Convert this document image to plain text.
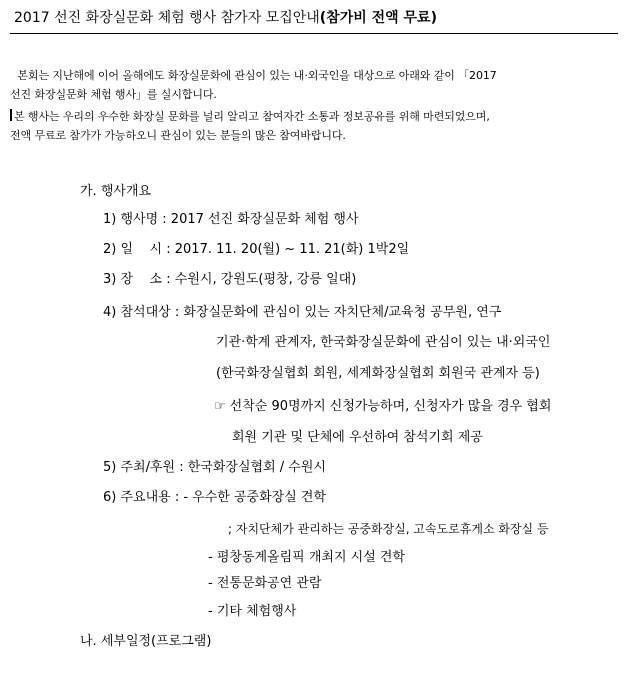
2017 선진 화장실문화 체험 행사 참가자 모집안내(참가비 전액 무료)
본회는 지난해에 이어 올해에도 화장실문화에 관심이 있는 내·외국인을 대상으로 아래와 같이 「2017
선진 화장실문화 체험 행사」를 실시합니다.
본 행사는 우리의 우수한 화장실 문화를 널리 알리고 참여자간 소통과 정보공유를 위해 마련되었으며,
전액 무료로 참가가 가능하오니 관심이 있는 분들의 많은 참여바랍니다.
가. 행사개요
1) 행사명 : 2017 선진 화장실문화 체험 행사
2) 일    시 : 2017. 11. 20(월) ~ 11. 21(화) 1박2일
3) 장    소 : 수원시, 강원도(평창, 강릉 일대)
4) 참석대상 : 화장실문화에 관심이 있는 자치단체/교육청 공무원, 연구
기관·학계 관계자, 한국화장실문화에 관심이 있는 내·외국인
(한국화장실협회 회원, 세계화장실협회 회원국 관계자 등)
☞ 선착순 90명까지 신청가능하며, 신청자가 많을 경우 협회
회원 기관 및 단체에 우선하여 참석기회 제공
5) 주최/후원 : 한국화장실협회 / 수원시
6) 주요내용 : - 우수한 공중화장실 견학
; 자치단체가 관리하는 공중화장실, 고속도로휴게소 화장실 등
- 평창동계올림픽 개최지 시설 견학
- 전통문화공연 관람
- 기타 체험행사
나. 세부일정(프로그램)
